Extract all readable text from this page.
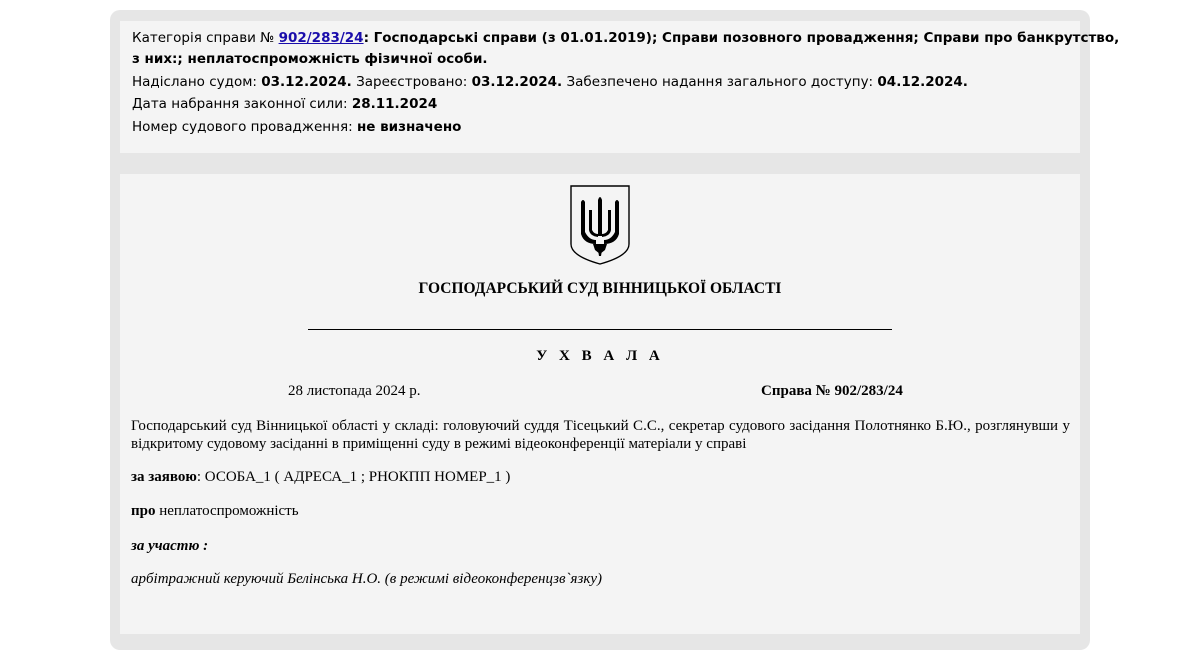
Категорія справи № 902/283/24: Господарські справи (з 01.01.2019); Справи позовного провадження; Справи про банкрутство,
з них:; неплатоспроможність фізичної особи.
Надіслано судом: 03.12.2024. Зареєстровано: 03.12.2024. Забезпечено надання загального доступу: 04.12.2024.
Дата набрання законної сили: 28.11.2024
Номер судового провадження: не визначено
ГОСПОДАРСЬКИЙ СУД ВІННИЦЬКОЇ ОБЛАСТІ
У Х В А Л А
28 листопада 2024 р.	Справа № 902/283/24
Господарський суд Вінницької області у складі: головуючий суддя Тісецький С.С., секретар судового засідання Полотнянко Б.Ю., розглянувши у відкритому судовому засіданні в приміщенні суду в режимі відеоконференції матеріали у справі
за заявою: ОСОБА_1 ( АДРЕСА_1 ; РНОКПП НОМЕР_1 )
про неплатоспроможність
за участю :
арбітражний керуючий Белінська Н.О. (в режимі відеоконференцзв`язку)
